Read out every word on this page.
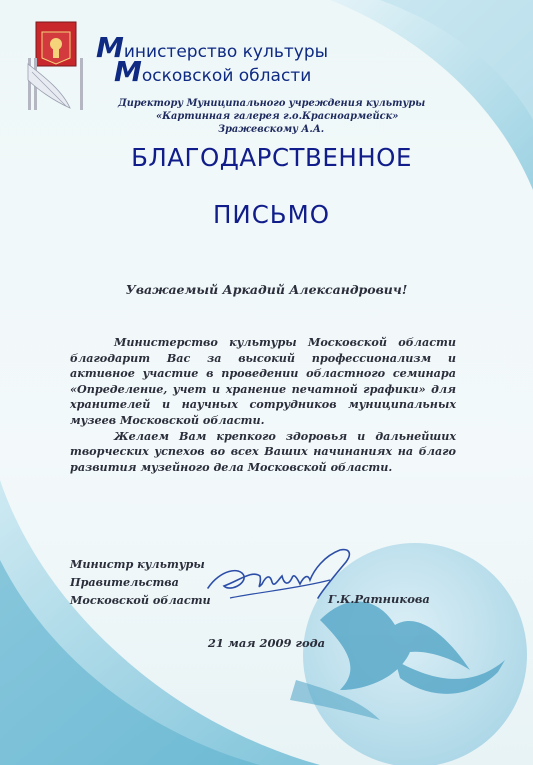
Министерство культуры
Московской области
Директору Муниципального учреждения культуры
«Картинная галерея г.о.Красноармейск»
Зражевскому А.А.
БЛАГОДАРСТВЕННОЕ
ПИСЬМО
Уважаемый Аркадий Александрович!

Министерство культуры Московской области благодарит Вас за высокий профессионализм и активное участие в проведении областного семинара «Определение, учет и хранение печатной графики» для хранителей и научных сотрудников муниципальных музеев Московской области.

Желаем Вам крепкого здоровья и дальнейших творческих успехов во всех Ваших начинаниях на благо развития музейного дела Московской области.

Министр культуры
Правительства
Московской области	Г.К.Ратникова
21 мая 2009 года
